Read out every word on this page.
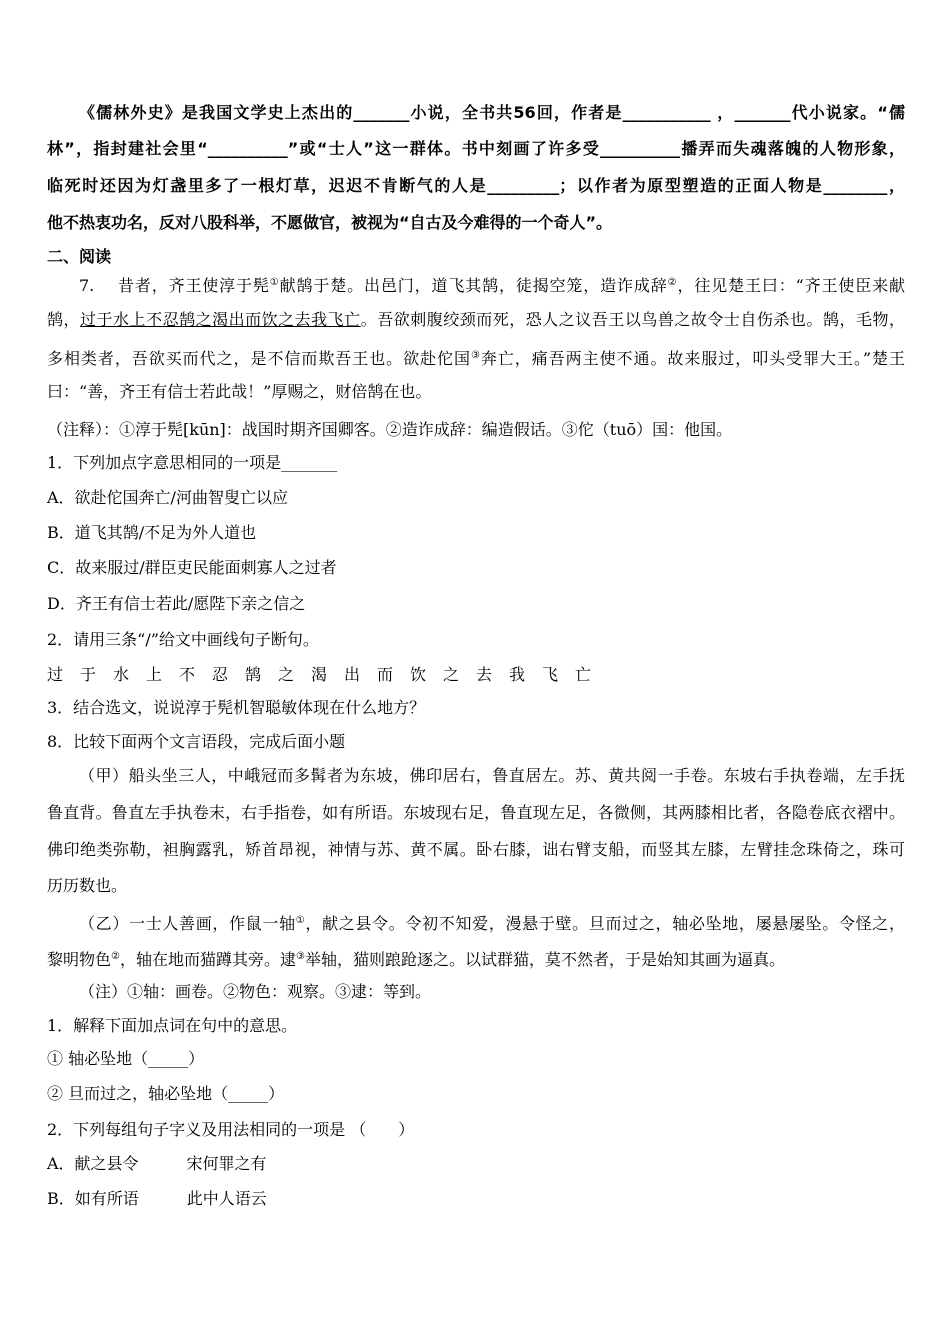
《儒林外史》是我国文学史上杰出的_______小说，全书共56回，作者是___________ ，_______代小说家。“儒
林”，指封建社会里“__________”或“士人”这一群体。书中刻画了许多受__________播弄而失魂落魄的人物形象，
临死时还因为灯盏里多了一根灯草，迟迟不肯断气的人是_________；以作者为原型塑造的正面人物是________，
他不热衷功名，反对八股科举，不愿做官，被视为“自古及今难得的一个奇人”。
二、阅读
7.　 昔者，齐王使淳于髡①献鹄于楚。出邑门，道飞其鹄，徒揭空笼，造诈成辞②，往见楚王曰：“齐王使臣来献
鹄，过于水上不忍鹄之渴出而饮之去我飞亡。吾欲刺腹绞颈而死，恐人之议吾王以鸟兽之故令士自伤杀也。鹄，毛物，
多相类者，吾欲买而代之，是不信而欺吾王也。欲赴佗国③奔亡，痛吾两主使不通。故来服过，叩头受罪大王。”楚王
曰：“善，齐王有信士若此哉！”厚赐之，财倍鹄在也。
（注释）：①淳于髡[kūn]：战国时期齐国卿客。②造诈成辞：编造假话。③佗（tuō）国：他国。
1．下列加点字意思相同的一项是_______
A．欲赴佗国奔亡/河曲智叟亡以应
B．道飞其鹄/不足为外人道也
C．故来服过/群臣吏民能面刺寡人之过者
D．齐王有信士若此/愿陛下亲之信之
2．请用三条“/”给文中画线句子断句。
过于水上不忍鹄之渴出而饮之去我飞亡
3．结合选文，说说淳于髡机智聪敏体现在什么地方？
8．比较下面两个文言语段，完成后面小题
（甲）船头坐三人，中峨冠而多髯者为东坡，佛印居右，鲁直居左。苏、黄共阅一手卷。东坡右手执卷端，左手抚
鲁直背。鲁直左手执卷末，右手指卷，如有所语。东坡现右足，鲁直现左足，各微侧，其两膝相比者，各隐卷底衣褶中。
佛印绝类弥勒，袒胸露乳，矫首昂视，神情与苏、黄不属。卧右膝，诎右臂支船，而竖其左膝，左臂挂念珠倚之，珠可
历历数也。
（乙）一士人善画，作鼠一轴①，献之县令。令初不知爱，漫悬于壁。旦而过之，轴必坠地，屡悬屡坠。令怪之，
黎明物色②，轴在地而猫蹲其旁。逮③举轴，猫则踉跄逐之。以试群猫，莫不然者，于是始知其画为逼真。
（注）①轴：画卷。②物色：观察。③逮：等到。
1．解释下面加点词在句中的意思。
① 轴必坠地（_____）
② 旦而过之，轴必坠地（_____）
2．下列每组句子字义及用法相同的一项是 （　　）
A．献之县令　　　宋何罪之有
B．如有所语　　　此中人语云
